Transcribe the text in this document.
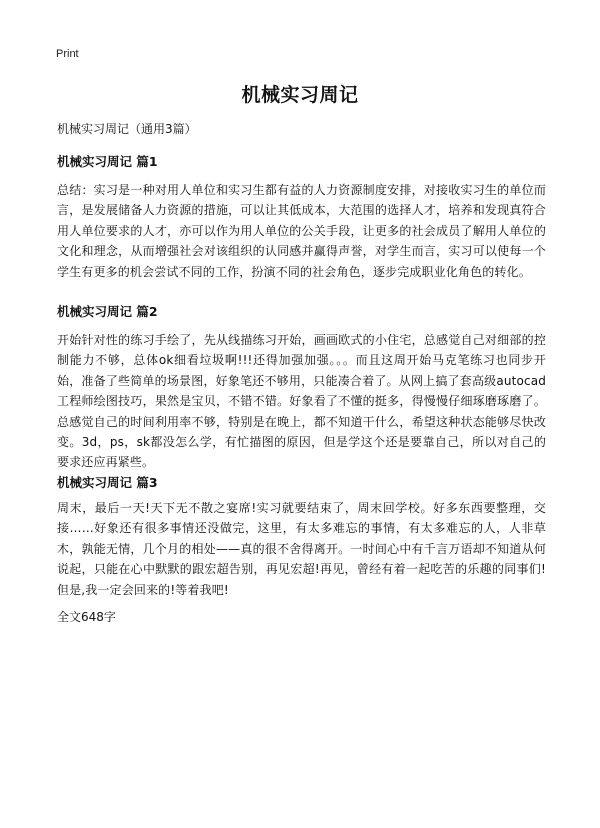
Print
机械实习周记

机械实习周记（通用3篇）

机械实习周记 篇1

总结：实习是一种对用人单位和实习生都有益的人力资源制度安排，对接收实习生的单位而言，是发展储备人力资源的措施，可以让其低成本，大范围的选择人才，培养和发现真符合用人单位要求的人才，亦可以作为用人单位的公关手段，让更多的社会成员了解用人单位的文化和理念，从而增强社会对该组织的认同感并赢得声誉，对学生而言，实习可以使每一个学生有更多的机会尝试不同的工作，扮演不同的社会角色，逐步完成职业化角色的转化。

机械实习周记 篇2

开始针对性的练习手绘了，先从线描练习开始，画画欧式的小住宅，总感觉自己对细部的控制能力不够，总体ok细看垃圾啊!!!还得加强加强。。。而且这周开始马克笔练习也同步开始，准备了些简单的场景图，好象笔还不够用，只能凑合着了。从网上搞了套高级autocad工程师绘图技巧，果然是宝贝，不错不错。好象看了不懂的挺多，得慢慢仔细琢磨琢磨了。总感觉自己的时间利用率不够，特别是在晚上，都不知道干什么，希望这种状态能够尽快改变。3d，ps，sk都没怎么学，有忙描图的原因，但是学这个还是要靠自己，所以对自己的要求还应再紧些。

机械实习周记 篇3

周末，最后一天!天下无不散之宴席!实习就要结束了，周末回学校。好多东西要整理，交接……好象还有很多事情还没做完，这里，有太多难忘的事情，有太多难忘的人，人非草木，孰能无情，几个月的相处——真的很不舍得离开。一时间心中有千言万语却不知道从何说起，只能在心中默默的跟宏超告别，再见宏超!再见，曾经有着一起吃苦的乐趣的同事们!但是,我一定会回来的!等着我吧!

全文648字
